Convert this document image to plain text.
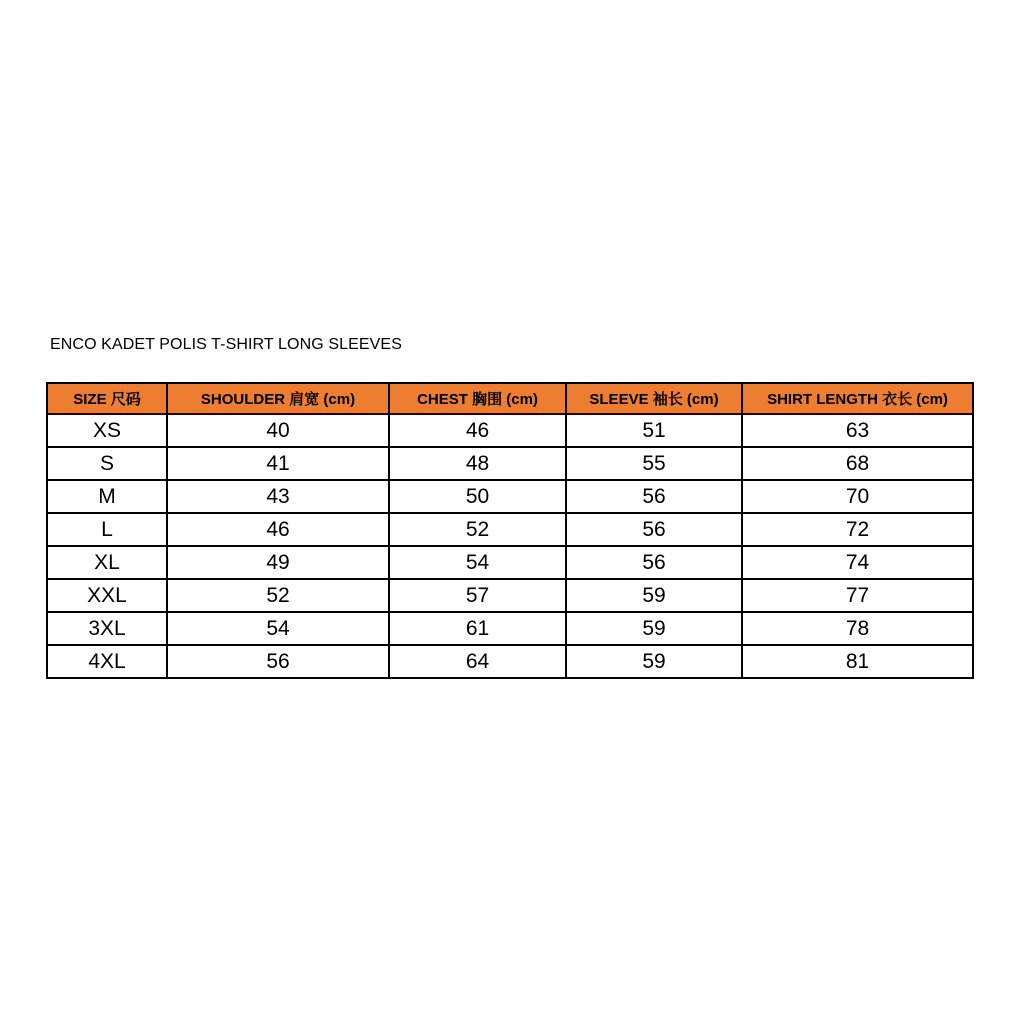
ENCO KADET POLIS T-SHIRT LONG SLEEVES
SIZE 尺码	SHOULDER 肩宽 (cm)	CHEST 胸围 (cm)	SLEEVE 袖长 (cm)	SHIRT LENGTH 衣长 (cm)
XS	40	46	51	63
S	41	48	55	68
M	43	50	56	70
L	46	52	56	72
XL	49	54	56	74
XXL	52	57	59	77
3XL	54	61	59	78
4XL	56	64	59	81
